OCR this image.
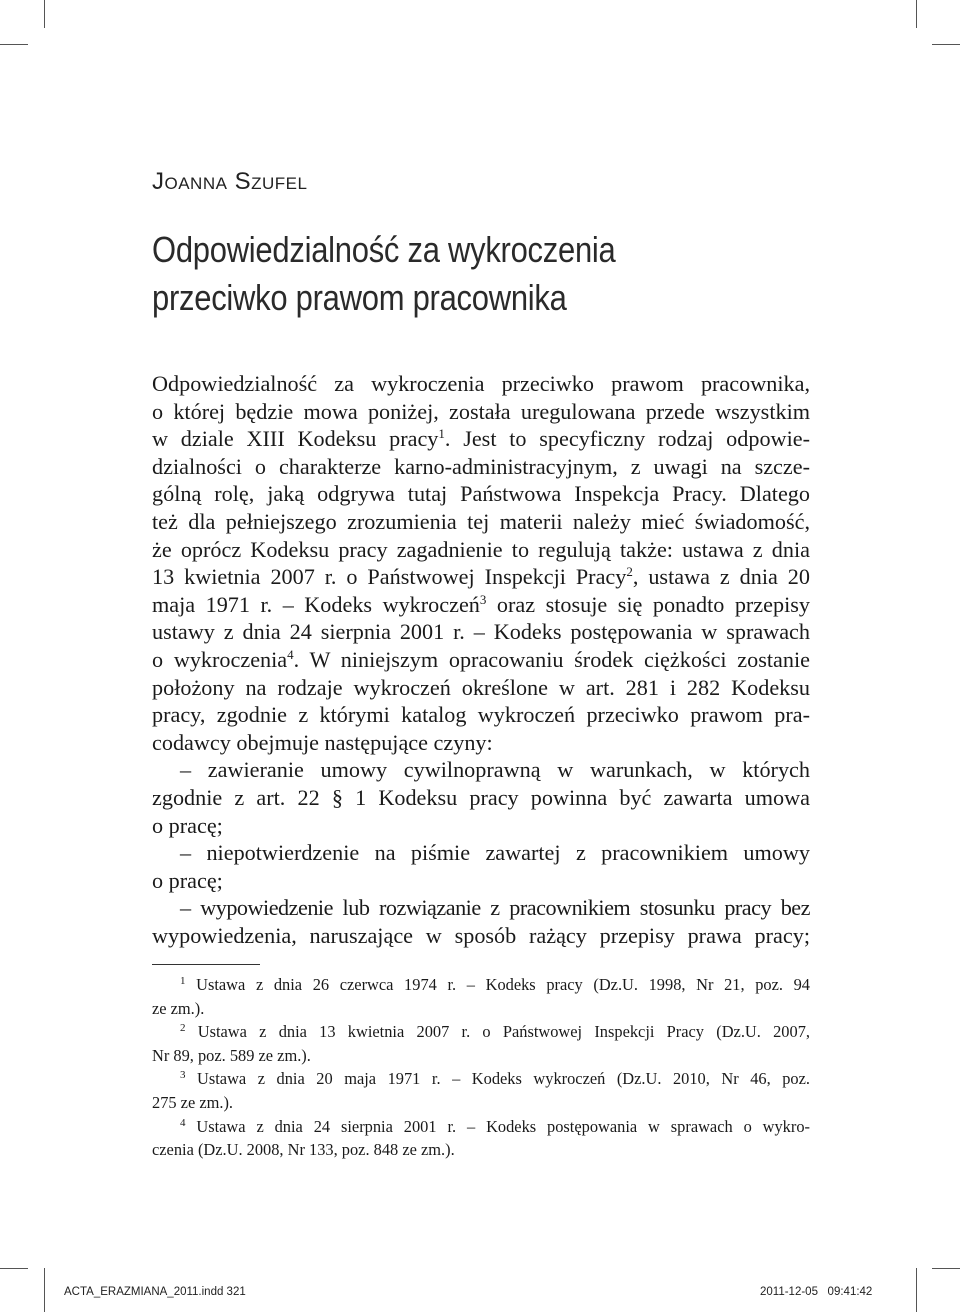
Joanna Szufel
Odpowiedzialność za wykroczenia
przeciwko prawom pracownika
Odpowiedzialność za wykroczenia przeciwko prawom pracownika,
o której będzie mowa poniżej, została uregulowana przede wszystkim
w dziale XIII Kodeksu pracy$^1$. Jest to specyficzny rodzaj odpowie-
dzialności o charakterze karno-administracyjnym, z uwagi na szcze-
gólną rolę, jaką odgrywa tutaj Państwowa Inspekcja Pracy. Dlatego
też dla pełniejszego zrozumienia tej materii należy mieć świadomość,
że oprócz Kodeksu pracy zagadnienie to regulują także: ustawa z dnia
13 kwietnia 2007 r. o Państwowej Inspekcji Pracy$^2$, ustawa z dnia 20
maja 1971 r. – Kodeks wykroczeń$^3$ oraz stosuje się ponadto przepisy
ustawy z dnia 24 sierpnia 2001 r. – Kodeks postępowania w sprawach
o wykroczenia$^4$. W niniejszym opracowaniu środek ciężkości zostanie
położony na rodzaje wykroczeń określone w art. 281 i 282 Kodeksu
pracy, zgodnie z którymi katalog wykroczeń przeciwko prawom pra-
codawcy obejmuje następujące czyny:
– zawieranie umowy cywilnoprawną w warunkach, w których
zgodnie z art. 22 § 1 Kodeksu pracy powinna być zawarta umowa
o pracę;
– niepotwierdzenie na piśmie zawartej z pracownikiem umowy
o pracę;
– wypowiedzenie lub rozwiązanie z pracownikiem stosunku pracy bez
wypowiedzenia, naruszające w sposób rażący przepisy prawa pracy;
$^1$ Ustawa z dnia 26 czerwca 1974 r. – Kodeks pracy (Dz.U. 1998, Nr 21, poz. 94
ze zm.).
$^2$ Ustawa z dnia 13 kwietnia 2007 r. o Państwowej Inspekcji Pracy (Dz.U. 2007,
Nr 89, poz. 589 ze zm.).
$^3$ Ustawa z dnia 20 maja 1971 r. – Kodeks wykroczeń (Dz.U. 2010, Nr 46, poz.
275 ze zm.).
$^4$ Ustawa z dnia 24 sierpnia 2001 r. – Kodeks postępowania w sprawach o wykro-
czenia (Dz.U. 2008, Nr 133, poz. 848 ze zm.).
ACTA_ERAZMIANA_2011.indd 321	2011-12-05   09:41:42
